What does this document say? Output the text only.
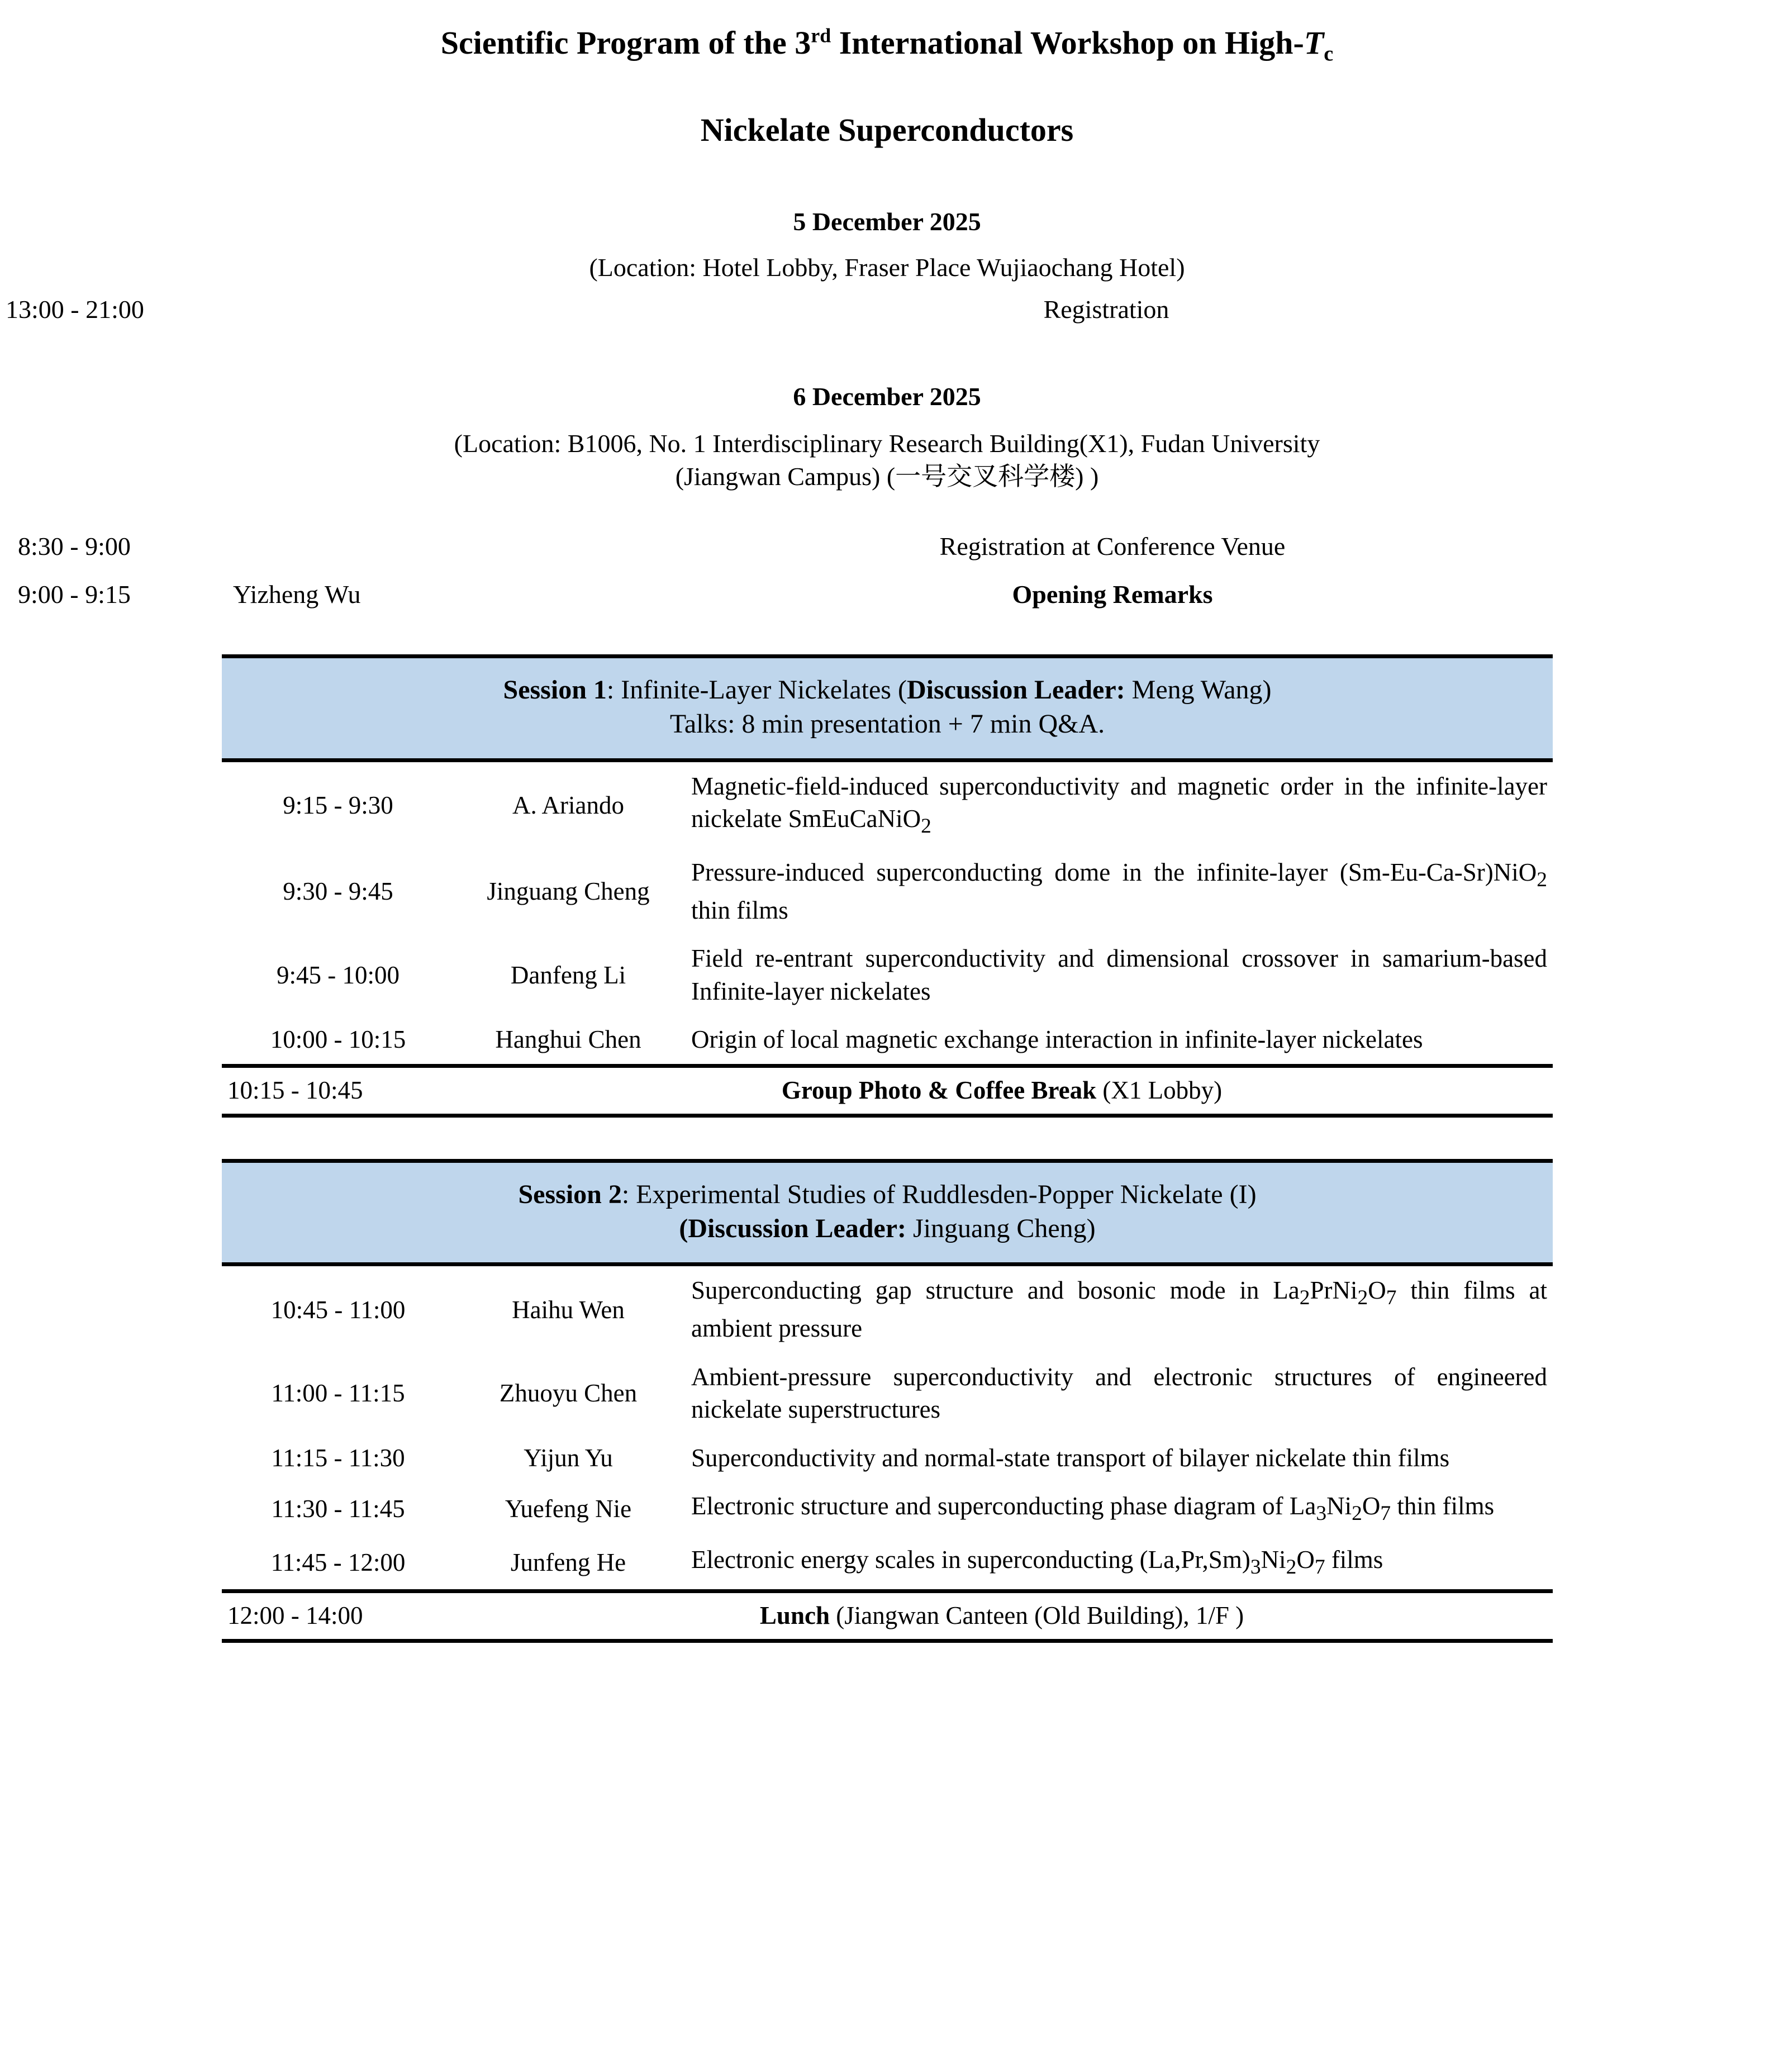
Scientific Program of the 3rd International Workshop on High-$T_c$
Nickelate Superconductors
5 December 2025
(Location: Hotel Lobby, Fraser Place Wujiaochang Hotel)
13:00 - 21:00	Registration
6 December 2025
(Location: B1006, No. 1 Interdisciplinary Research Building(X1), Fudan University
(Jiangwan Campus) (一号交叉科学楼) )
8:30 - 9:00	Registration at Conference Venue
9:00 - 9:15	Yizheng Wu	Opening Remarks
Session 1: Infinite-Layer Nickelates (Discussion Leader: Meng Wang)
Talks: 8 min presentation + 7 min Q&A.		

9:15 - 9:30	A. Ariando	Magnetic-field-induced superconductivity and magnetic order in the infinite-layer nickelate SmEuCaNiO$_2$
9:30 - 9:45	Jinguang Cheng	Pressure-induced superconducting dome in the infinite-layer (Sm-Eu-Ca-Sr)NiO$_2$ thin films
9:45 - 10:00	Danfeng Li	Field re-entrant superconductivity and dimensional crossover in samarium-based Infinite-layer nickelates
10:00 - 10:15	Hanghui Chen	Origin of local magnetic exchange interaction in infinite-layer nickelates
10:15 - 10:45	Group Photo & Coffee Break (X1 Lobby)	
Session 2: Experimental Studies of Ruddlesden-Popper Nickelate (I)
(Discussion Leader: Jinguang Cheng)		

10:45 - 11:00	Haihu Wen	Superconducting gap structure and bosonic mode in $La_2PrNi_2O_7$ thin films at ambient pressure
11:00 - 11:15	Zhuoyu Chen	Ambient-pressure superconductivity and electronic structures of engineered nickelate superstructures
11:15 - 11:30	Yijun Yu	Superconductivity and normal-state transport of bilayer nickelate thin films
11:30 - 11:45	Yuefeng Nie	Electronic structure and superconducting phase diagram of $La_3Ni_2O_7$ thin films
11:45 - 12:00	Junfeng He	Electronic energy scales in superconducting $(La,Pr,Sm)_3Ni_2O_7$ films
12:00 - 14:00	Lunch (Jiangwan Canteen (Old Building), 1/F )	
